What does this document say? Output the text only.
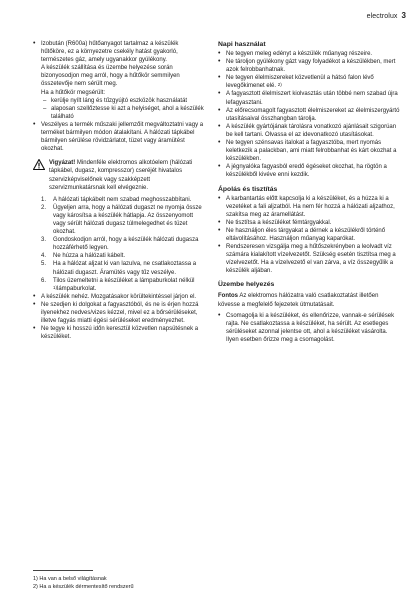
electrolux 3
• Izobután (R600a) hűtőanyagot tartalmaz a készülék hűtőköre, ez a környezetre csekély hatást gyakorló, természetes gáz, amely ugyanakkor gyúlékony.
A készülék szállítása és üzembe helyezése során bizonyosodjon meg arról, hogy a hűtőkör semmilyen összetevője nem sérült meg.
Ha a hűtőkör megsérült:
– kerülje nyílt láng és tűzgyújtó eszközök használatát
– alaposan szellőztesse ki azt a helyiséget, ahol a készülék található
• Veszélyes a termék műszaki jellemzőit megváltoztatni vagy a terméket bármilyen módon átalakítani. A hálózati tápkábel bármilyen sérülése rövidzárlatot, tüzet vagy áramütést okozhat.
Vigyázat! Mindenféle elektromos alkotóelem (hálózati tápkábel, dugasz, kompresszor) cseréjét hivatalos szervizképviselőnek vagy szakképzett szervizmunkatársnak kell elvégeznie.
1. A hálózati tápkábelt nem szabad meghosszabbítani.
2. Ügyeljen arra, hogy a hálózati dugaszt ne nyomja össze vagy károsítsa a készülék hátlapja. Az összenyomott vagy sérült hálózati dugasz túlmelegedhet és tüzet okozhat.
3. Gondoskodjon arról, hogy a készülék hálózati dugasza hozzáférhető legyen.
4. Ne húzza a hálózati kábelt.
5. Ha a hálózat aljzat ki van lazulva, ne csatlakoztassa a hálózati dugaszt. Áramütés vagy tűz veszélye.
6. Tilos üzemeltetni a készüléket a lámpaburkolat nélkül $^{1)}$lámpaburkolat.
• A készülék nehéz. Mozgatásakor körültekintéssel járjon el.
• Ne szedjen ki dolgokat a fagyasztóból, és ne is érjen hozzá ilyenekhez nedves/vizes kézzel, mivel ez a bőrsérüléseket, illetve fagyás miatti égési sérüléseket eredményezhet.
• Ne tegye ki hosszú időn keresztül közvetlen napsütésnek a készüléket.
Napi használat
• Ne tegyen meleg edényt a készülék műanyag részeire.
• Ne tároljon gyúlékony gázt vagy folyadékot a készülékben, mert azok felrobbanhatnak.
• Ne tegyen élelmiszereket közvetlenül a hátsó falon lévő levegőkimenet elé. $^{2)}$
• A fagyasztott élelmiszert kiolvasztás után többé nem szabad újra lefagyasztani.
• Az előrecsomagolt fagyasztott élelmiszereket az élelmiszergyártó utasításaival összhangban tárolja.
• A készülék gyártójának tárolásra vonatkozó ajánlásait szigorúan be kell tartani. Olvassa el az idevonatkozó utasításokat.
• Ne tegyen szénsavas italokat a fagyasztóba, mert nyomás keletkezik a palackban, ami miatt felrobbanhat és kárt okozhat a készülékben.
• A jégnyalóka fagyasból eredő égéseket okozhat, ha rögtön a készülékből kivéve enni kezdik.
Ápolás és tisztítás
• A karbantartás előtt kapcsolja ki a készüléket, és a húzza ki a vezetéket a fali aljzatból. Ha nem fér hozzá a hálózati aljzathoz, szakítsa meg az áramellátást.
• Ne tisztítsa a készüléket fémtárgyakkal.
• Ne használjon éles tárgyakat a dérnek a készülékről történő eltávolításához. Használjon műanyag kaparókat.
• Rendszeresen vizsgálja meg a hűtőszekrényben a leolvadt víz számára kialakított vízelvezetőt. Szükség esetén tisztítsa meg a vízelvezetőt. Ha a vízelvezető el van zárva, a víz összegyűlik a készülék aljában.
Üzembe helyezés
Fontos Az elektromos hálózatra való csatlakoztatást illetően kövesse a megfelelő fejezetek útmutatásait.
• Csomagolja ki a készüléket, és ellenőrizze, vannak-e sérülések rajta. Ne csatlakoztassa a készüléket, ha sérült. Az esetleges sérüléseket azonnal jelentse ott, ahol a készüléket vásárolta. Ilyen esetben őrizze meg a csomagolást.
1) Ha van a belső világításnak
2) Ha a készülék dérmentesítő rendszerű
